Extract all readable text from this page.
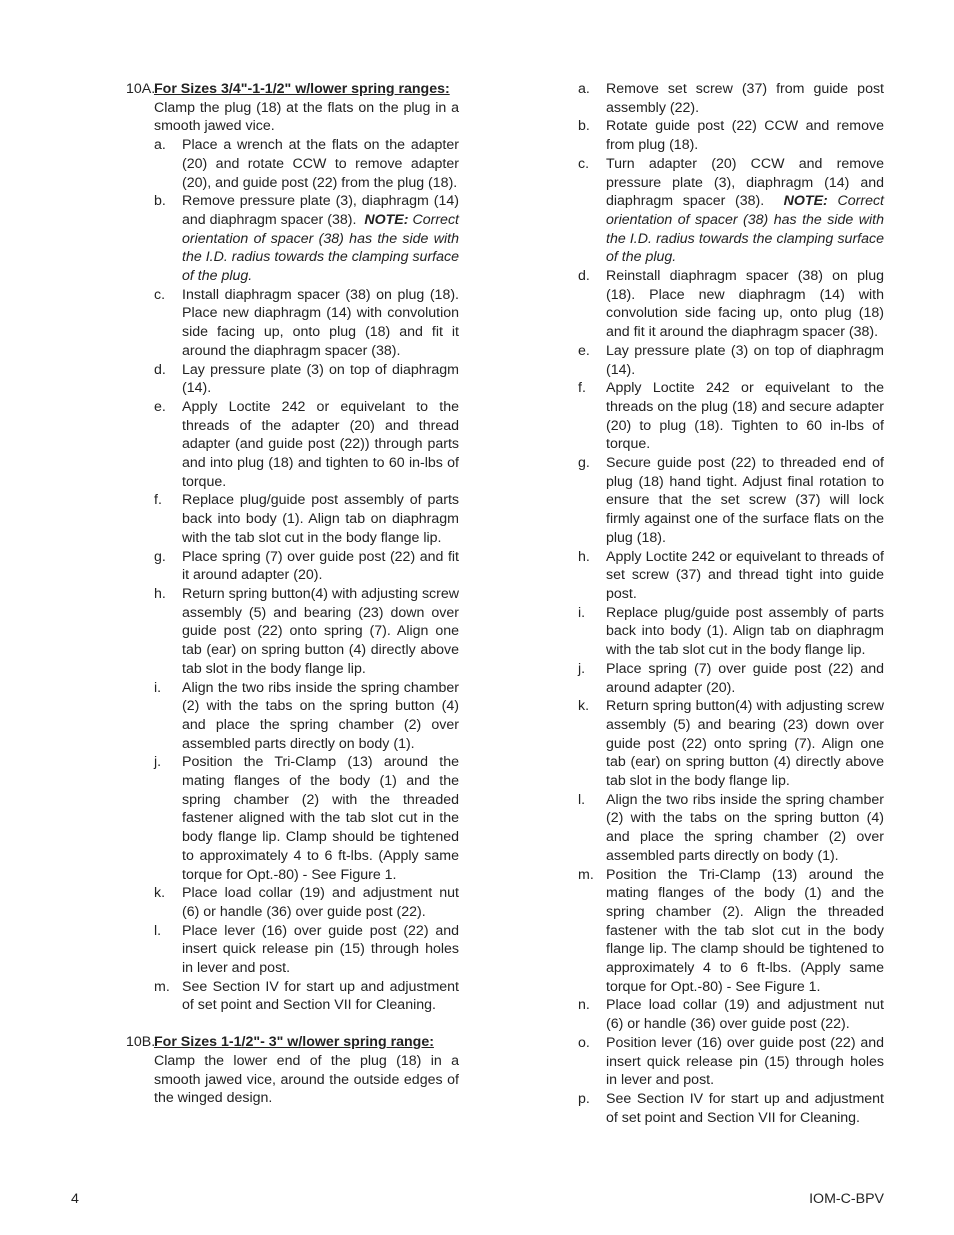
10A.
For Sizes 3/4"-1-1/2" w/lower spring ranges:
Clamp the plug (18) at the flats on the plug in a smooth jawed vice.
a.	Place a wrench at the flats on the adapter (20) and rotate CCW to remove adapter (20), and guide post (22) from the plug (18).
b.	Remove pressure plate (3), diaphragm (14) and diaphragm spacer (38). NOTE: Correct orientation of spacer (38) has the side with the I.D. radius towards the clamping surface of the plug.
c.	Install diaphragm spacer (38) on plug (18). Place new diaphragm (14) with convolution side facing up, onto plug (18) and fit it around the diaphragm spacer (38).
d.	Lay pressure plate (3) on top of diaphragm (14).
e.	Apply Loctite 242 or equivelant to the threads of the adapter (20) and thread adapter (and guide post (22)) through parts and into plug (18) and tighten to 60 in-lbs of torque.
f.	Replace plug/guide post assembly of parts back into body (1). Align tab on diaphragm with the tab slot cut in the body flange lip.
g.	Place spring (7) over guide post (22) and fit it around adapter (20).
h.	Return spring button(4) with adjusting screw assembly (5) and bearing (23) down over guide post (22) onto spring (7). Align one tab (ear) on spring button (4) directly above tab slot in the body flange lip.
i.	Align the two ribs inside the spring chamber (2) with the tabs on the spring button (4) and place the spring chamber (2) over assembled parts directly on body (1).
j.	Position the Tri-Clamp (13) around the mating flanges of the body (1) and the spring chamber (2) with the threaded fastener aligned with the tab slot cut in the body flange lip. Clamp should be tightened to approximately 4 to 6 ft-lbs. (Apply same torque for Opt.-80) - See Figure 1.
k.	Place load collar (19) and adjustment nut (6) or handle (36) over guide post (22).
l.	Place lever (16) over guide post (22) and insert quick release pin (15) through holes in lever and post.
m. See Section IV for start up and adjustment of set point and Section VII for Cleaning.
10B.
For Sizes 1-1/2"- 3" w/lower spring range:
Clamp the lower end of the plug (18) in a smooth jawed vice, around the outside edges of the winged design.
a.	Remove set screw (37) from guide post assembly (22).
b.	Rotate guide post (22) CCW and remove from plug (18).
c.	Turn adapter (20) CCW and remove pressure plate (3), diaphragm (14) and diaphragm spacer (38). NOTE: Correct orientation of spacer (38) has the side with the I.D. radius towards the clamping surface of the plug.
d.	Reinstall diaphragm spacer (38) on plug (18). Place new diaphragm (14) with convolution side facing up, onto plug (18) and fit it around the diaphragm spacer (38).
e.	Lay pressure plate (3) on top of diaphragm (14).
f.	Apply Loctite 242 or equivelant to the threads on the plug (18) and secure adapter (20) to plug (18). Tighten to 60 in-lbs of torque.
g.	Secure guide post (22) to threaded end of plug (18) hand tight. Adjust final rotation to ensure that the set screw (37) will lock firmly against one of the surface flats on the plug (18).
h.	Apply Loctite 242 or equivelant to threads of set screw (37) and thread tight into guide post.
i.	Replace plug/guide post assembly of parts back into body (1). Align tab on diaphragm with the tab slot cut in the body flange lip.
j.	Place spring (7) over guide post (22) and around adapter (20).
k.	Return spring button(4) with adjusting screw assembly (5) and bearing (23) down over guide post (22) onto spring (7). Align one tab (ear) on spring button (4) directly above tab slot in the body flange lip.
l.	Align the two ribs inside the spring chamber (2) with the tabs on the spring button (4) and place the spring chamber (2) over assembled parts directly on body (1).
m. Position the Tri-Clamp (13) around the mating flanges of the body (1) and the spring chamber (2). Align the threaded fastener with the tab slot cut in the body flange lip. The clamp should be tightened to approximately 4 to 6 ft-lbs. (Apply same torque for Opt.-80) - See Figure 1.
n.	Place load collar (19) and adjustment nut (6) or handle (36) over guide post (22).
o.	Position lever (16) over guide post (22) and insert quick release pin (15) through holes in lever and post.
p.	See Section IV for start up and adjustment of set point and Section VII for Cleaning.
4	IOM-C-BPV
